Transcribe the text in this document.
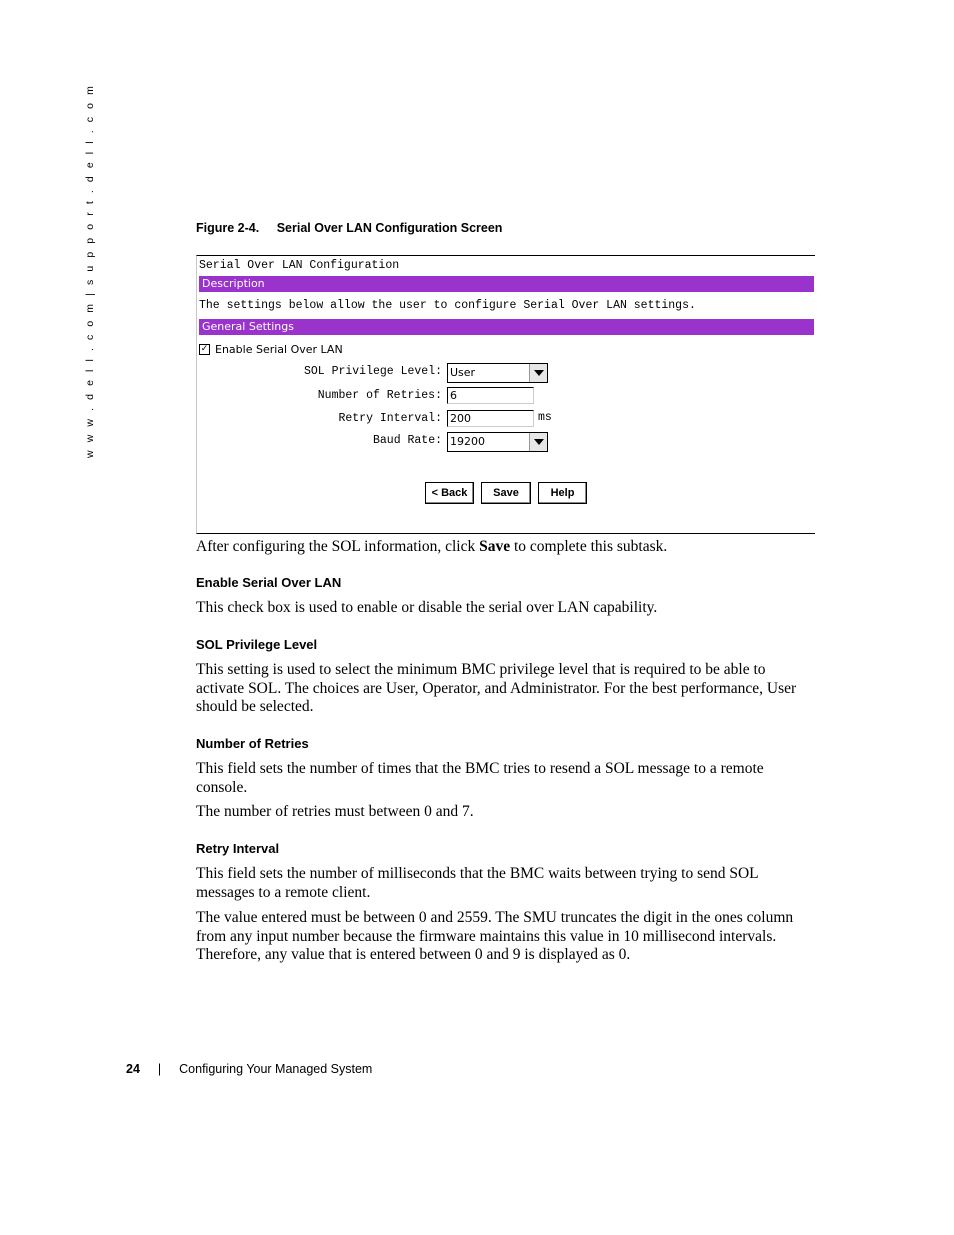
w w w . d e l l . c o m | s u p p o r t . d e l l . c o m	Figure 2-4. Serial Over LAN Configuration Screen
Serial Over LAN Configuration
Description
The settings below allow the user to configure Serial Over LAN settings.
General Settings
✓ Enable Serial Over LAN
SOL Privilege Level: User
Number of Retries: 6
Retry Interval: 200	ms
Baud Rate: 19200
< Back	Save	Help
After configuring the SOL information, click Save to complete this subtask.
Enable Serial Over LAN
This check box is used to enable or disable the serial over LAN capability.
SOL Privilege Level
This setting is used to select the minimum BMC privilege level that is required to be able to activate SOL. The choices are User, Operator, and Administrator. For the best performance, User should be selected.
Number of Retries
This field sets the number of times that the BMC tries to resend a SOL message to a remote console.
The number of retries must between 0 and 7.
Retry Interval
This field sets the number of milliseconds that the BMC waits between trying to send SOL messages to a remote client.
The value entered must be between 0 and 2559. The SMU truncates the digit in the ones column from any input number because the firmware maintains this value in 10 millisecond intervals. Therefore, any value that is entered between 0 and 9 is displayed as 0.
24 | Configuring Your Managed System
